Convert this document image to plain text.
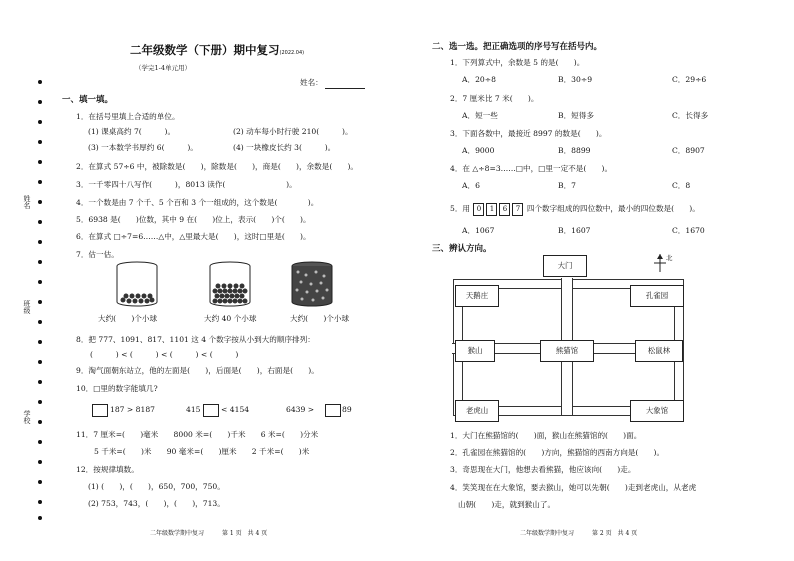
姓名
班级
学校
二年级数学（下册）期中复习(2022.04)
（学完1-4单元用）
姓名：
一、填一填。
1．在括号里填上合适的单位。
(1) 课桌高约 7(　　　)。	(2) 动车每小时行驶 210(　　　)。
(3) 一本数学书厚约 6(　　　)。	(4) 一块橡皮长约 3(　　　)。
2．在算式 57÷6 中，被除数是(　　)，除数是(　　)，商是(　　)，余数是(　　)。
3．一千零四十八写作(　　　)，8013 读作(　　　　　　　　)。
4．一个数是由 7 个千、5 个百和 3 个一组成的，这个数是(　　　　)。
5．6938 是(　　)位数，其中 9 在(　　)位上，表示(　　)个(　　)。
6．在算式 □÷7=6……△中，△里最大是(　　)，这时□里是(　　)。
7．估一估。
大约(　　)个小球	大约 40 个小球	大约(　　)个小球
8．把 777、1091、817、1101 这 4 个数字按从小到大的顺序排列：
(　　　) < (　　　) < (　　　) < (　　　)
9．淘气面朝东站立，他的左面是(　　)，后面是(　　)，右面是(　　)。
10．□里的数字能填几?
187 > 8187	415	< 4154	6439 >	89
11．7 厘米=(　　)毫米　　8000 米=(　　)千米　　6 米=(　　)分米
5 千米=(　　)米　　90 毫米=(　　)厘米　　2 千米=(　　)米
12．按规律填数。
(1) (　　)，(　　)，650，700，750。
(2) 753，743，(　　)，(　　)，713。
二年级数学期中复习　　　第 1 页　共 4 页
二、选一选。把正确选项的序号写在括号内。
1．下列算式中，余数是 5 的是(　　)。
A．20÷8	B．30÷9	C．29÷6
2．7 厘米比 7 米(　　)。
A．短一些	B．短得多	C．长得多
3．下面各数中，最接近 8997 的数是(　　)。
A．9000	B．8899	C．8907
4．在 △÷8=3……□中，□里一定不是(　　)。
A．6	B．7	C．8
5．用 0 1 6 7 四个数字组成的四位数中，最小的四位数是(　　)。
A．1067	B．1607	C．1670
三、辨认方向。
北
大门
天鹅庄	孔雀园
猴山	熊猫馆	松鼠林
老虎山	大象馆
1．大门在熊猫馆的(　　)面，猴山在熊猫馆的(　　)面。
2．孔雀园在熊猫馆的(　　)方向，熊猫馆的西南方向是(　　)。
3．奇思现在大门，他想去看熊猫，他应该向(　　)走。
4．笑笑现在在大象馆，要去猴山，她可以先朝(　　)走到老虎山，从老虎
山朝(　　)走，就到猴山了。
二年级数学期中复习　　　第 2 页　共 4 页
